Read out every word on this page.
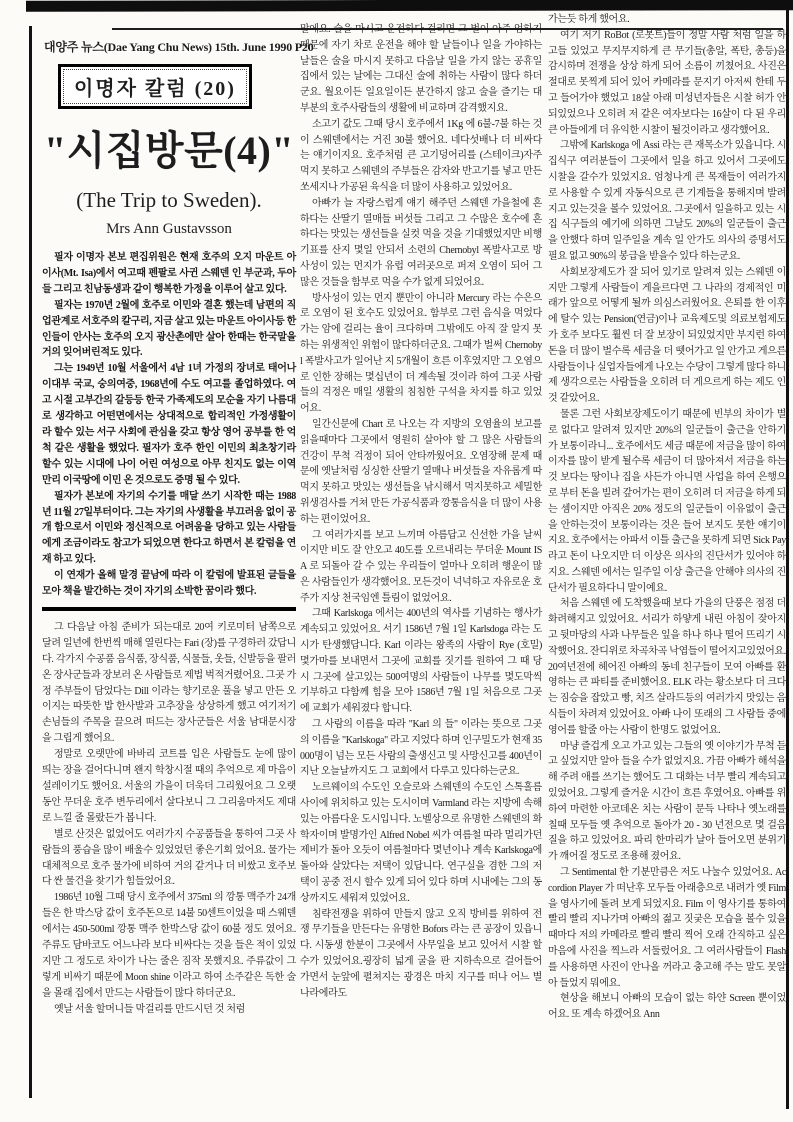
대양주 뉴스(Dae Yang Chu News) 15th. June 1990 P20
이명자 칼럼 (20)
"시집방문(4)"
(The Trip to Sweden).
Mrs Ann Gustavsson

필자 이명자 본보 편집위원은 현재 호주의 오지 마운트 아이사(Mt. Isa)에서 여고때 펜팔로 사귄 스웨덴 인 부군과, 두아들 그리고 친남동생과 같이 행복한 가정을 이루어 살고 있다.

필자는 1970년 2월에 호주로 이민와 결혼 했는데 남편의 직업관계로 서호주의 칼구리, 지금 살고 있는 마운트 아이사등 한인들이 안사는 호주의 오지 광산촌에만 살아 한때는 한국말을 거의 잊어버린적도 있다.

그는 1949년 10월 서울에서 4남 1녀 가정의 장녀로 태어나 이대부 국교, 숭의여중, 1968년에 수도 여고를 졸업하였다. 여고 시절 고부간의 갈등등 한국 가족제도의 모순을 자기 나름대로 생각하고 어떤면에서는 상대적으로 합리적인 가정생활이라 할수 있는 서구 사회에 관심을 갖고 항상 영어 공부를 한 억척 같은 생활을 했었다. 필자가 호주 한인 이민의 최초창기라 할수 있는 시대에 나이 어린 여성으로 아무 친지도 없는 이역 만리 이국땅에 이민 온 것으로도 증명 될 수 있다.

필자가 본보에 자기의 수기를 매달 쓰기 시작한 때는 1988년 11월 27일부터이다. 그는 자기의 사생활을 부끄러움 없이 공개 함으로서 이민와 정신적으로 어려움을 당하고 있는 사람들에게 조금이라도 참고가 되었으면 한다고 하면서 본 칼럼을 연재 하고 있다.

이 연재가 올해 말경 끝남에 따라 이 칼럼에 발표된 글들을 모아 책을 발간하는 것이 자기의 소박한 꿈이라 했다.

그 다음날 아침 준비가 되는대로 20여 키로미터 남쪽으로 달려 일년에 한번씩 매해 열린다는 Fari (장)를 구경하러 갔답니다. 각가지 수공품 음식품, 장식품, 식물들, 옷들, 신발등을 팔러온 장사군들과 장보러 온 사람들로 제법 벅적거렸어요. 그곳 가정 주부들이 담었다는 Dill 이라는 향기로운 풀을 넣고 만든 오이지는 따뜻한 밥 한사발과 고추장을 상상하게 했고 여기저기 손님들의 주목을 끌으려 떠드는 장사군들은 서울 남대문시장을 그립게 했어요.

정말로 오랫만에 바바리 코트를 입은 사람들도 눈에 많이 띄는 장을 걸어다니며 왠지 학창시절 때의 추억으로 제 마음이 설레이기도 했어요. 서울의 가을이 더욱더 그리웠어요 그 오랫동안 무더운 호주 변두리에서 살다보니 그 그리움마저도 제대로 느낄 줄 몰랐든가 봅니다.

별로 산것은 없었어도 여러가지 수공품들을 통하여 그곳 사람들의 풍습을 많이 배울수 있었었던 좋은기회 었어요. 물가는 대체적으로 호주 물가에 비하여 거의 같거나 더 비쌌고 호주보다 싼 물건을 찾기가 힘들었어요.

1986년 10월 그때 당시 호주에서 375ml 의 깡통 맥주가 24개 들은 한 박스당 값이 호주돈으로 14불 50센트이었을 때 스웨덴에서는 450-500ml 깡통 맥주 한박스당 값이 60불 정도 였어요. 주류도 담바코도 어느나라 보다 비싸다는 것을 들은 적이 있었지만 그 정도로 차이가 나는 줄은 짐작 못했지요. 주류값이 그렇게 비싸기 때문에 Moon shine 이라고 하여 소주같은 독한 술을 몰래 집에서 만드는 사람들이 많다 하더군요.

옛날 서울 할머니들 막걸리를 만드시던 것 처럼

말에요. 술을 마시고 운전하다 걸리면 그 벌이 아주 엄하기 때문에 자기 차로 운전을 해야 할 날들이나 일을 가야하는 날들은 술을 마시지 못하고 다음날 일을 가지 않는 공휴일 집에서 있는 날에는 그대신 술에 취하는 사람이 많다 하더군요. 월요이든 일요일이든 분간하지 않고 술을 즐기는 대부분의 호주사람들의 생활에 비교하며 감격했지요.

소고기 값도 그때 당시 호주에서 1Kg 에 6불-7불 하는 것이 스웨덴에서는 거진 30불 했어요. 네다섯배나 더 비싸다는 얘기이지요. 호주처럼 큰 고기덩어리를 (스테이크)자주 먹지 못하고 스웨덴의 주부들은 감자와 반고기를 넣고 만든 쏘세지나 가공된 육식을 더 많이 사용하고 있었어요.

아빠가 늘 자랑스럽게 얘기 해주던 스웨덴 가을철에 흔하다는 산딸기 열매들 버섯들 그리고 그 수많은 호수에 흔하다는 맛있는 생선들을 실컷 먹을 것을 기대했었지만 비행기표를 산지 몇일 안되서 소련의 Chernobyl 폭발사고로 방사성이 있는 먼지가 유럽 여러곳으로 퍼져 오염이 되어 그 많은 것들을 함부로 먹을 수가 없게 되었어요.

방사성이 있는 먼지 뿐만이 아니라 Mercury 라는 수은으로 오염이 된 호수도 있었어요. 함부로 그런 음식을 먹었다가는 암에 걸리는 율이 크다하며 그밖에도 아직 잘 알지 못하는 위생적인 위험이 많다하더군요. 그때가 벌써 Chernobyl 폭발사고가 일어난 지 5개월이 흐른 이후였지만 그 오염으로 인한 장해는 몇십년이 더 계속될 것이라 하여 그곳 사람들의 걱정은 매일 생활의 침침한 구석을 차지를 하고 있었어요.

일간신문에 Chart 로 나오는 각 지방의 오염율의 보고를 읽을때마다 그곳에서 영원히 살아야 할 그 많은 사람들의 건강이 무척 걱정이 되어 안타까웠어요. 오염장해 문제 때문에 옛날처럼 싱싱한 산딸기 열매나 버섯들을 자유롭게 따 먹지 못하고 맛있는 생선들을 낚시해서 먹지못하고 세밀한 위생검사를 거쳐 만든 가공식품과 깡통음식을 더 많이 사용하는 편이었어요.

그 여러가지를 보고 느끼며 아름답고 신선한 가을 날씨 이지만 비도 잘 안오고 40도를 오르내리는 무더운 Mount ISA 로 되돌아 갈 수 있는 우리들이 얼마나 오히려 행운이 많은 사람들인가 생각했어요. 모든것이 넉넉하고 자유로운 호주가 지상 천국임엔 틀림이 없었어요.

그때 Karlskoga 에서는 400년의 역사를 기념하는 행사가 계속되고 있었어요. 서기 1586년 7월 1일 Karlsdoga 라는 도시가 탄생했답니다. Karl 이라는 왕족의 사람이 Rye (호밀) 몇가마를 보내면서 그곳에 교회를 짓기를 원하여 그 때 당시 그곳에 살고있는 500여명의 사람들이 나무를 몇도막씩 기부하고 다함께 힘을 모아 1586년 7월 1일 처음으로 그곳에 교회가 세워졌다 합니다.

그 사람의 이름을 따라 "Karl 의 들" 이라는 뜻으로 그곳의 이름을 "Karlskoga" 라고 지었다 하며 인구밀도가 현재 35000명이 넘는 모든 사람의 출생신고 및 사망신고를 400년이 지난 오늘날까지도 그 교회에서 다루고 있다하는군요.

노르웨이의 수도인 오슬로와 스웨덴의 수도인 스톡홀름 사이에 위치하고 있는 도시이며 Varmland 라는 지방에 속해있는 아름다운 도시입니다. 노벨상으로 유명한 스웨덴의 화학자이며 발명가인 Alfred Nobel 씨가 여름철 따라 멀리가던 제비가 돌아 오듯이 여름철마다 몇년이나 계속 Karlskoga에 돌아와 살았다는 저택이 있답니다. 연구실을 겸한 그의 저택이 공중 전시 할수 있게 되어 있다 하며 시내에는 그의 동상까지도 세워져 있었어요.

침략전쟁을 위하여 만들지 않고 오직 방비를 위하여 전쟁 무기들을 만든다는 유명한 Bofors 라는 큰 공장이 있읍니다. 시동생 한분이 그곳에서 사무일을 보고 있어서 시찰 할수가 있었어요.굉장히 넓게 굴을 판 지하속으로 걸어들어 가면서 눈앞에 펼쳐지는 광경은 마치 지구를 떠나 어느 별나라에라도

가는듯 하게 했어요.

여기 저기 RoBot (로봇트)들이 정말 사람 처럼 일을 하고들 있었고 무지무지하게 큰 무기들(총알, 폭탄, 총등)을 감시하며 전쟁을 상상 하게 되어 소름이 끼쳤어요. 사진은 절대로 못찍게 되어 있어 카메라를 문지기 아저씨 한테 두고 들어가야 했었고 18살 아래 미성년자들은 시찰 허가 안되있었으나 오히려 저 같은 여자보다는 16살이 다 된 우리 큰 아들에게 더 유익한 시찰이 될것이라고 생각했어요.

그밖에 Karlskoga 에 Assi 라는 큰 재목소가 있읍니다. 시집식구 여러분들이 그곳에서 일을 하고 있어서 그곳에도 시찰을 갈수가 있었지요. 엄청나게 큰 목재들이 여러가지로 사용할 수 있게 자동식으로 큰 기계들을 통해지며 발려지고 있는것을 볼수 있었어요. 그곳에서 일을하고 있는 시집 식구들의 예기에 의하면 그날도 20%의 일군들이 출근을 안했다 하며 일주일을 계속 일 안가도 의사의 증명서도 필요 없고 90%의 봉급을 받을수 있다 하는군요.

사회보장제도가 잘 되어 있기로 알려져 있는 스웨덴 이지만 그렇게 사람들이 게을르다면 그 나라의 경제적인 미래가 앞으로 어떻게 될까 의심스러웠어요. 은퇴를 한 이후에 탈수 있는 Pension(연금)이나 교육제도및 의료보험제도가 호주 보다도 훨씬 더 잘 보장이 되있었지만 부지런 하여 돈을 더 많이 벌수록 세금을 더 뗏어가고 일 안가고 게으른 사람들이나 실업자들에게 나오는 수당이 그렇게 많다 하니 제 생각으로는 사람들을 오히려 더 게으르게 하는 제도 인것 같았어요.

물론 그런 사회보장제도이기 때문에 빈부의 차이가 별로 없다고 알려져 있지만 20%의 일군들이 출근을 안하기가 보통이라니... 호주에서도 세금 때문에 저금을 많이 하여 이자를 많이 받게 될수록 세금이 더 많아져서 저금을 하는것 보다는 땅이나 집을 사든가 아니면 사업을 하여 은행으로 부터 돈을 빌려 갚어가는 편이 오히려 더 저금을 하게 되는 셈이지만 아직은 20% 정도의 일군들이 이유없이 출근을 안하는것이 보통이라는 것은 들어 보지도 못한 얘기이지요. 호주에서는 아파서 이틀 출근을 못하게 되면 Sick Pay 라고 돈이 나오지만 더 이상은 의사의 진단서가 있어야 하지요. 스웨덴 에서는 일주일 이상 출근을 안해야 의사의 진단서가 필요하다니 말이예요.

처음 스웨덴 에 도착했을때 보다 가을의 단풍은 점점 더 화려해지고 있었어요. 서리가 하얗게 내린 아침이 잦아지고 뒷마당의 사과 나무들은 잎을 하나 하나 떨어 뜨리기 시작했어요. 잔디위로 차곡차곡 낙엽들이 떨어지고있었어요. 20여년전에 헤어진 아빠의 동네 친구들이 모여 아빠를 환영하는 큰 파티를 준비했어요. ELK 라는 황소보다 더 크다는 짐승을 잡았고 빵, 치즈 살라드등의 여러가지 맛있는 음식들이 차려져 있었어요. 아빠 나이 또래의 그 사람들 중에 영어를 할줄 아는 사람이 한명도 없었어요.

마냥 즐겁게 오고 가고 있는 그들의 옛 이야기가 무척 듣고 싶었지만 알아 들을 수가 없었지요. 가끔 아빠가 해석을 해 주려 애를 쓰기는 했어도 그 대화는 너무 빨리 계속되고 있었어요. 그렇게 즐거운 시간이 흐른 후였어요. 아빠를 위하여 마련한 아코데온 치는 사람이 문득 나타나 옛노래를 칠때 모두들 옛 추억으로 돌아가 20 - 30 년전으로 몇 걸음질을 하고 있었어요. 파리 한마리가 날아 들어오면 분위기가 깨어질 정도로 조용해 졌어요.

그 Sentimental 한 기분만큼은 저도 나눌수 있었어요. Accordion Player 가 떠난후 모두들 아래층으로 내려가 옛 Film 을 영사기에 돌려 보게 되었지요. Film 이 영사기를 통하여 빨리 빨리 지나가며 아빠의 젊고 짓궂은 모습을 볼수 있을때마다 저의 카메라로 빨리 빨리 찍어 오래 간직하고 싶은 마음에 사진을 찍느라 서둘렀어요. 그 여러사람들이 Flash 를 사용하면 사진이 안나올 꺼라고 충고해 주는 말도 못알아 들었지 뭐에요.

현상을 해보니 아빠의 모습이 없는 하얀 Screen 뿐이었어요. 또 계속 하겠어요 Ann
